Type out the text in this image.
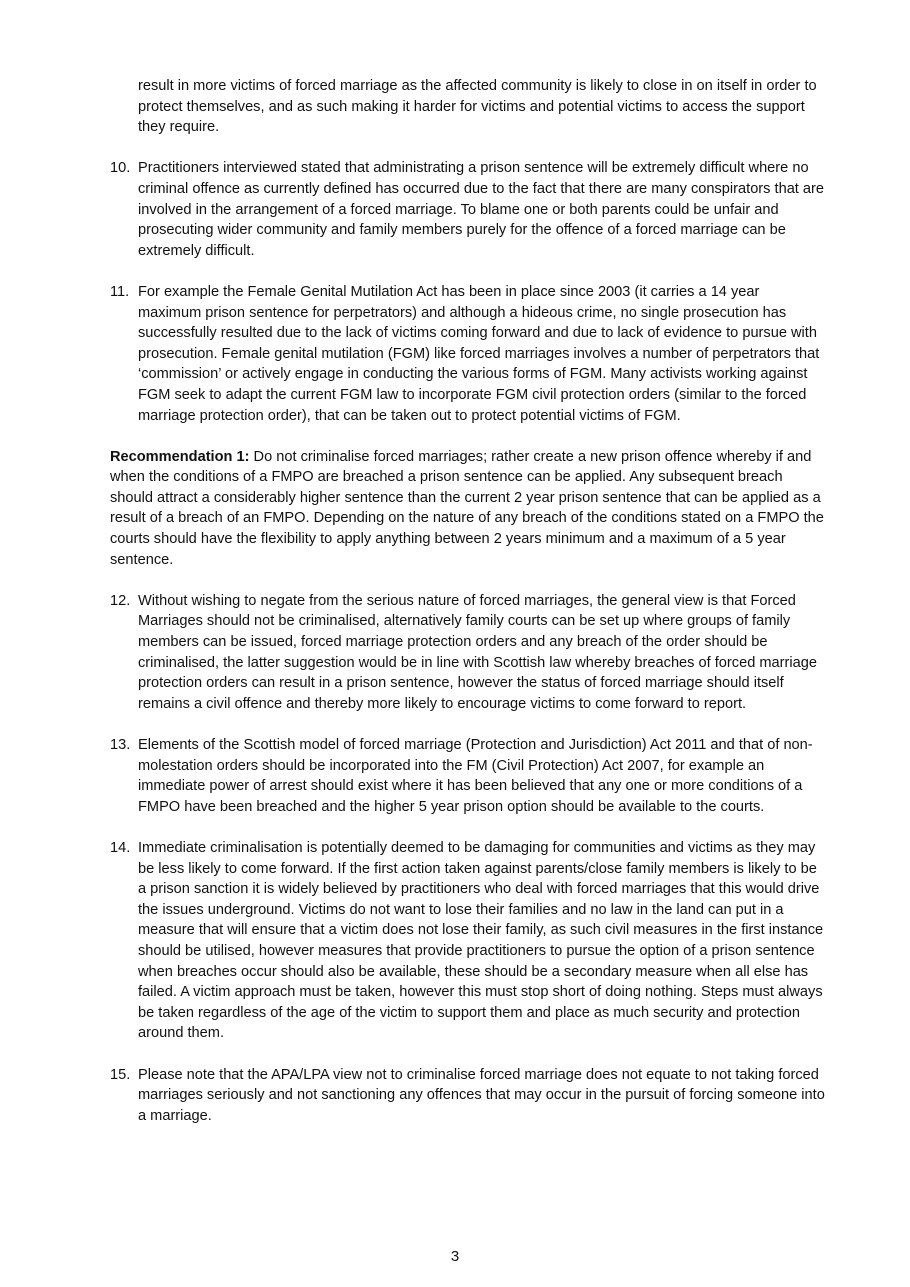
result in more victims of forced marriage as the affected community is likely to close in on itself in order to protect themselves, and as such making it harder for victims and potential victims to access the support they require.

10. Practitioners interviewed stated that administrating a prison sentence will be extremely difficult where no criminal offence as currently defined has occurred due to the fact that there are many conspirators that are involved in the arrangement of a forced marriage. To blame one or both parents could be unfair and prosecuting wider community and family members purely for the offence of a forced marriage can be extremely difficult.
11. For example the Female Genital Mutilation Act has been in place since 2003 (it carries a 14 year maximum prison sentence for perpetrators) and although a hideous crime, no single prosecution has successfully resulted due to the lack of victims coming forward and due to lack of evidence to pursue with prosecution. Female genital mutilation (FGM) like forced marriages involves a number of perpetrators that ‘commission’ or actively engage in conducting the various forms of FGM. Many activists working against FGM seek to adapt the current FGM law to incorporate FGM civil protection orders (similar to the forced marriage protection order), that can be taken out to protect potential victims of FGM.

Recommendation 1: Do not criminalise forced marriages; rather create a new prison offence whereby if and when the conditions of a FMPO are breached a prison sentence can be applied. Any subsequent breach should attract a considerably higher sentence than the current 2 year prison sentence that can be applied as a result of a breach of an FMPO. Depending on the nature of any breach of the conditions stated on a FMPO the courts should have the flexibility to apply anything between 2 years minimum and a maximum of a 5 year sentence.

12. Without wishing to negate from the serious nature of forced marriages, the general view is that Forced Marriages should not be criminalised, alternatively family courts can be set up where groups of family members can be issued, forced marriage protection orders and any breach of the order should be criminalised, the latter suggestion would be in line with Scottish law whereby breaches of forced marriage protection orders can result in a prison sentence, however the status of forced marriage should itself remains a civil offence and thereby more likely to encourage victims to come forward to report.
13. Elements of the Scottish model of forced marriage (Protection and Jurisdiction) Act 2011 and that of non-molestation orders should be incorporated into the FM (Civil Protection) Act 2007, for example an immediate power of arrest should exist where it has been believed that any one or more conditions of a FMPO have been breached and the higher 5 year prison option should be available to the courts.
14. Immediate criminalisation is potentially deemed to be damaging for communities and victims as they may be less likely to come forward. If the first action taken against parents/close family members is likely to be a prison sanction it is widely believed by practitioners who deal with forced marriages that this would drive the issues underground. Victims do not want to lose their families and no law in the land can put in a measure that will ensure that a victim does not lose their family, as such civil measures in the first instance should be utilised, however measures that provide practitioners to pursue the option of a prison sentence when breaches occur should also be available, these should be a secondary measure when all else has failed. A victim approach must be taken, however this must stop short of doing nothing. Steps must always be taken regardless of the age of the victim to support them and place as much security and protection around them.
15. Please note that the APA/LPA view not to criminalise forced marriage does not equate to not taking forced marriages seriously and not sanctioning any offences that may occur in the pursuit of forcing someone into a marriage.
3
